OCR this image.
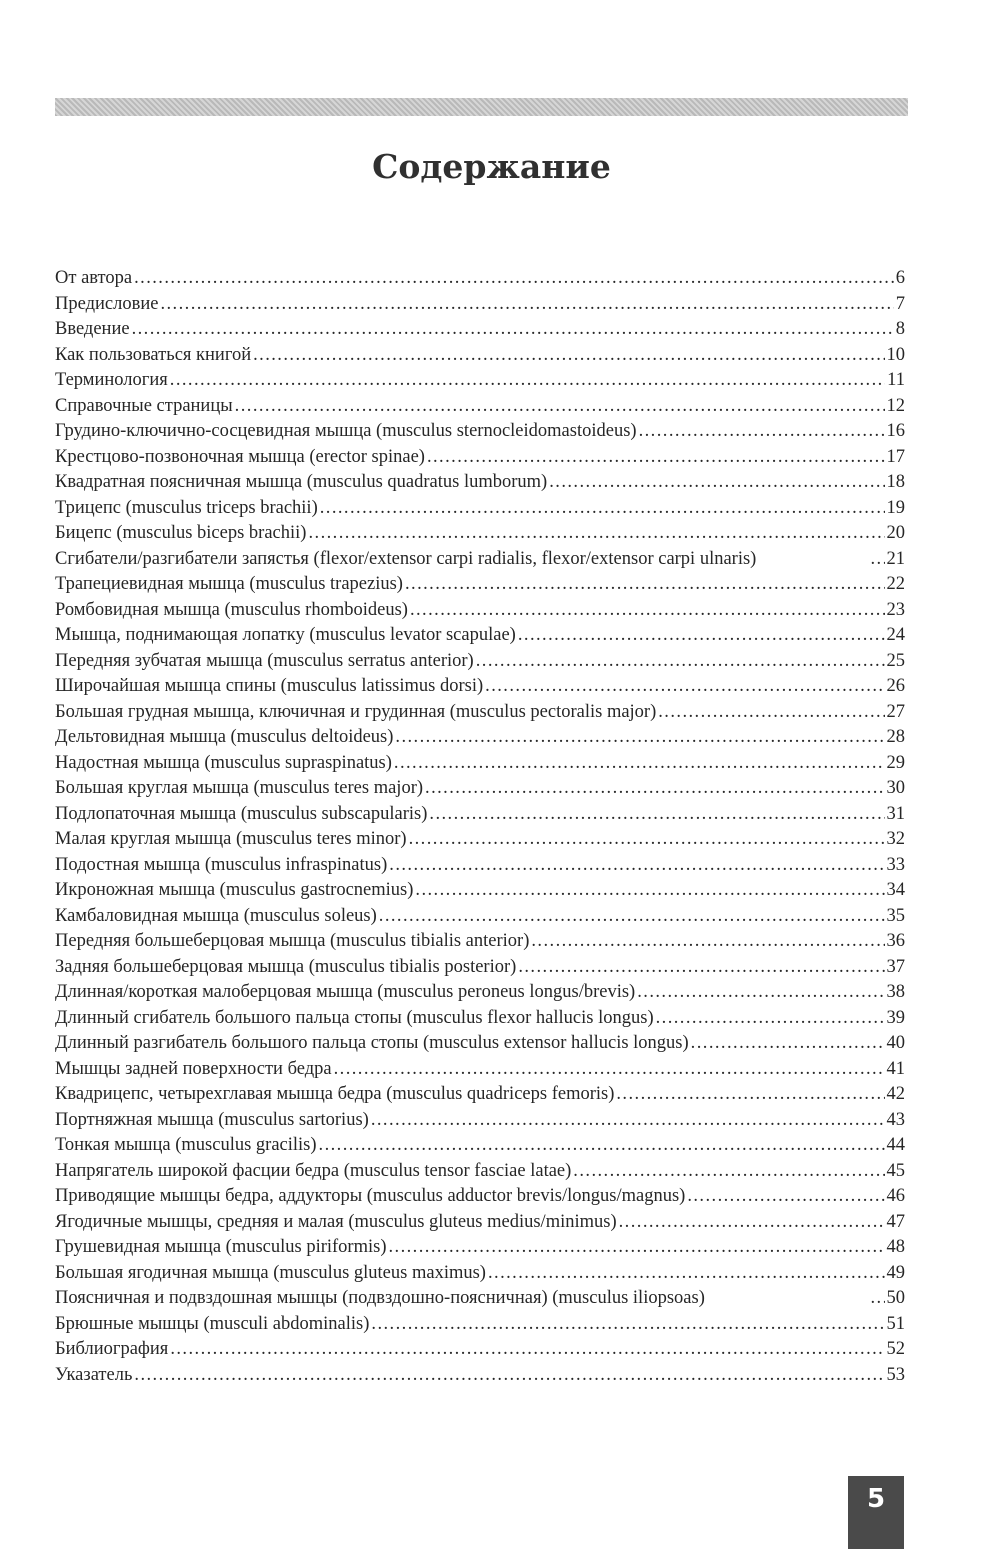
Содержание
От автора . . .	6
Предисловие . . .	7
Введение . . .	8
Как пользоваться книгой . . .	10
Терминология . . .	11
Справочные страницы . . .	12
Грудино-ключично-сосцевидная мышца (musculus sternocleidomastoideus) . . .	16
Крестцово-позвоночная мышца (erector spinae) . . .	17
Квадратная поясничная мышца (musculus quadratus lumborum) . . .	18
Трицепс (musculus triceps brachii) . . .	19
Бицепс (musculus biceps brachii) . . .	20
Сгибатели/разгибатели запястья (flexor/extensor carpi radialis, flexor/extensor carpi ulnaris) . . .	21
Трапециевидная мышца (musculus trapezius) . . .	22
Ромбовидная мышца (musculus rhomboideus) . . .	23
Мышца, поднимающая лопатку (musculus levator scapulae) . . .	24
Передняя зубчатая мышца (musculus serratus anterior) . . .	25
Широчайшая мышца спины (musculus latissimus dorsi) . . .	26
Большая грудная мышца, ключичная и грудинная (musculus pectoralis major) . . .	27
Дельтовидная мышца (musculus deltoideus) . . .	28
Надостная мышца (musculus supraspinatus) . . .	29
Большая круглая мышца (musculus teres major) . . .	30
Подлопаточная мышца (musculus subscapularis) . . .	31
Малая круглая мышца (musculus teres minor) . . .	32
Подостная мышца (musculus infraspinatus) . . .	33
Икроножная мышца (musculus gastrocnemius) . . .	34
Камбаловидная мышца (musculus soleus) . . .	35
Передняя большеберцовая мышца (musculus tibialis anterior) . . .	36
Задняя большеберцовая мышца (musculus tibialis posterior) . . .	37
Длинная/короткая малоберцовая мышца (musculus peroneus longus/brevis) . . .	38
Длинный сгибатель большого пальца стопы (musculus flexor hallucis longus) . . .	39
Длинный разгибатель большого пальца стопы (musculus extensor hallucis longus) . . .	40
Мышцы задней поверхности бедра . . .	41
Квадрицепс, четырехглавая мышца бедра (musculus quadriceps femoris) . . .	42
Портняжная мышца (musculus sartorius) . . .	43
Тонкая мышца (musculus gracilis) . . .	44
Напрягатель широкой фасции бедра (musculus tensor fasciae latae) . . .	45
Приводящие мышцы бедра, аддукторы (musculus adductor brevis/longus/magnus) . . .	46
Ягодичные мышцы, средняя и малая (musculus gluteus medius/minimus) . . .	47
Грушевидная мышца (musculus piriformis) . . .	48
Большая ягодичная мышца (musculus gluteus maximus) . . .	49
Поясничная и подвздошная мышцы (подвздошно-поясничная) (musculus iliopsoas) . . .	50
Брюшные мышцы (musculi abdominalis) . . .	51
Библиография . . .	52
Указатель . . .	53
5
